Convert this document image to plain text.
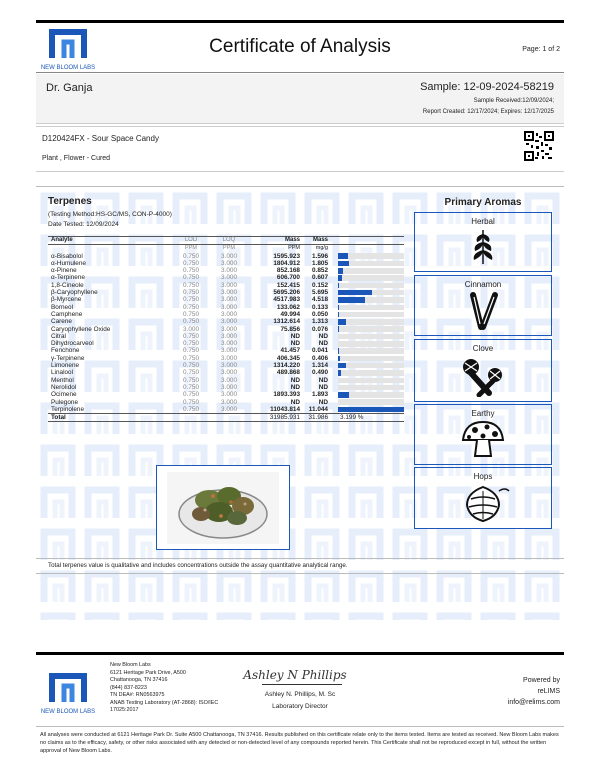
NEW BLOOM LABS
Certificate of Analysis	Page: 1 of 2
Dr. Ganja	Sample: 12-09-2024-58219
Sample Received:12/09/2024;
Report Created: 12/17/2024; Expires: 12/17/2025
D120424FX - Sour Space Candy
Plant , Flower - Cured
Terpenes
(Testing Method:HS-GC/MS, CON-P-4000)
Date Tested: 12/09/2024
Analyte	LOD	LOQ	Mass	Mass	
	PPM	PPM	PPM	mg/g	
α-Bisabolol	0.750	3.000	1595.923	1.596	

α-Humulene	0.750	3.000	1804.912	1.805	

α-Pinene	0.750	3.000	852.168	0.852	

α-Terpinene	0.750	3.000	606.700	0.607	

1,8-Cineole	0.750	3.000	152.415	0.152	

β-Caryophyllene	0.750	3.000	5695.206	5.695	

β-Myrcene	0.750	3.000	4517.983	4.518	

Borneol	0.750	3.000	133.062	0.133	

Camphene	0.750	3.000	49.994	0.050	

Carene	0.750	3.000	1312.614	1.313	

Caryophyllene Oxide	3.000	3.000	75.856	0.076	

Citral	0.750	3.000	ND	ND	

Dihydrocarveol	0.750	3.000	ND	ND	

Fenchone	0.750	3.000	41.457	0.041	

γ-Terpinene	0.750	3.000	406.345	0.406	

Limonene	0.750	3.000	1314.220	1.314	

Linalool	0.750	3.000	489.868	0.490	

Menthol	0.750	3.000	ND	ND	

Nerolidol	0.750	3.000	ND	ND	

Ocimene	0.750	3.000	1893.393	1.893	

Pulegone	0.750	3.000	ND	ND	

Terpinolene	0.750	3.000	11043.814	11.044	

Total			31985.931	31.986	3.199 %
Primary Aromas
Herbal
Cinnamon
Clove
Earthy
Hops
Total terpenes value is qualitative and includes concentrations outside the assay quantitative analytical range.
NEW BLOOM LABS
New Bloom Labs
6121 Heritage Park Drive, A500
Chattanooga, TN 37416
(844) 837-8223
TN DEA#: RN0563975
ANAB Testing Laboratory (AT-2868): ISO/IEC
17025:2017
Ashley N Phillips
Ashley N. Phillips, M. Sc
Laboratory Director
Powered by
reLIMS
info@relims.com
All analyses were conducted at 6121 Heritage Park Dr. Suite A500 Chattanooga, TN 37416. Results published on this certificate relate only to the items tested. Items are tested as received. New Bloom Labs makes no claims as to the efficacy, safety, or other risks associated with any detected or non-detected level of any compounds reported herein. This Certificate shall not be reproduced except in full, without the written approval of New Bloom Labs.
